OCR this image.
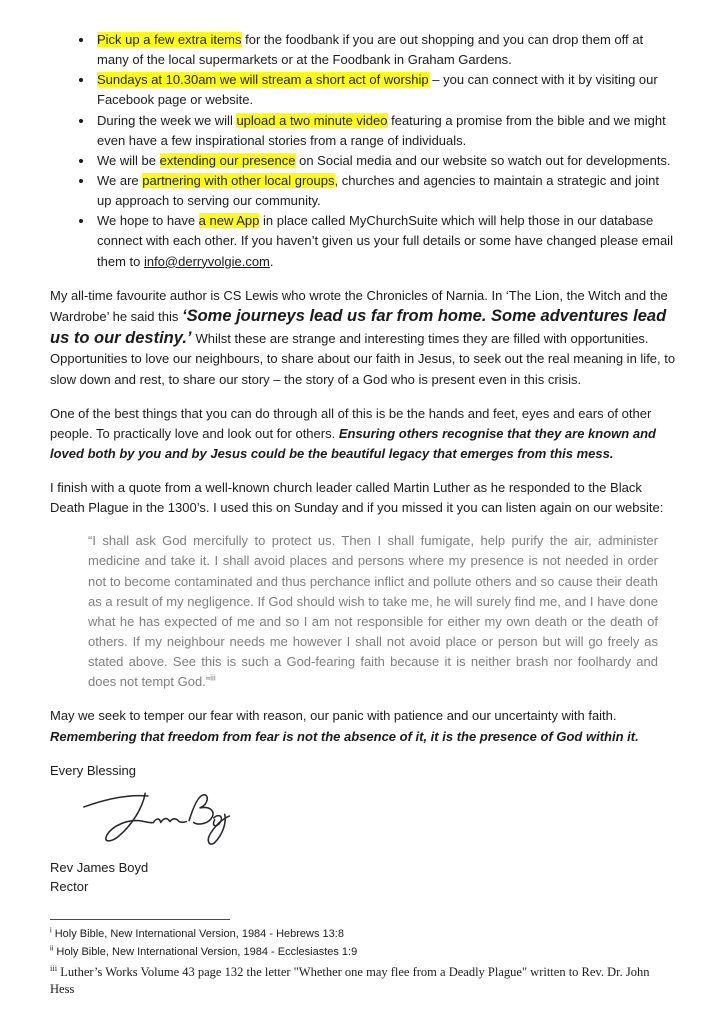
• Pick up a few extra items for the foodbank if you are out shopping and you can drop them off at many of the local supermarkets or at the Foodbank in Graham Gardens.
• Sundays at 10.30am we will stream a short act of worship – you can connect with it by visiting our Facebook page or website.
• During the week we will upload a two minute video featuring a promise from the bible and we might even have a few inspirational stories from a range of individuals.
• We will be extending our presence on Social media and our website so watch out for developments.
• We are partnering with other local groups, churches and agencies to maintain a strategic and joint up approach to serving our community.
• We hope to have a new App in place called MyChurchSuite which will help those in our database connect with each other. If you haven’t given us your full details or some have changed please email them to info@derryvolgie.com.

My all-time favourite author is CS Lewis who wrote the Chronicles of Narnia. In ‘The Lion, the Witch and the Wardrobe’ he said this ‘Some journeys lead us far from home. Some adventures lead us to our destiny.’ Whilst these are strange and interesting times they are filled with opportunities. Opportunities to love our neighbours, to share about our faith in Jesus, to seek out the real meaning in life, to slow down and rest, to share our story – the story of a God who is present even in this crisis.

One of the best things that you can do through all of this is be the hands and feet, eyes and ears of other people. To practically love and look out for others. Ensuring others recognise that they are known and loved both by you and by Jesus could be the beautiful legacy that emerges from this mess.

I finish with a quote from a well-known church leader called Martin Luther as he responded to the Black Death Plague in the 1300’s. I used this on Sunday and if you missed it you can listen again on our website:

“I shall ask God mercifully to protect us. Then I shall fumigate, help purify the air, administer medicine and take it. I shall avoid places and persons where my presence is not needed in order not to become contaminated and thus perchance inflict and pollute others and so cause their death as a result of my negligence. If God should wish to take me, he will surely find me, and I have done what he has expected of me and so I am not responsible for either my own death or the death of others. If my neighbour needs me however I shall not avoid place or person but will go freely as stated above. See this is such a God-fearing faith because it is neither brash nor foolhardy and does not tempt God.”$^{iii}$

May we seek to temper our fear with reason, our panic with patience and our uncertainty with faith. Remembering that freedom from fear is not the absence of it, it is the presence of God within it.

Every Blessing

Rev James Boyd

Rector

$^i$ Holy Bible, New International Version, 1984 - Hebrews 13:8
$^{ii}$ Holy Bible, New International Version, 1984 - Ecclesiastes 1:9
$^{iii}$ Luther’s Works Volume 43 page 132 the letter "Whether one may flee from a Deadly Plague" written to Rev. Dr. John Hess
